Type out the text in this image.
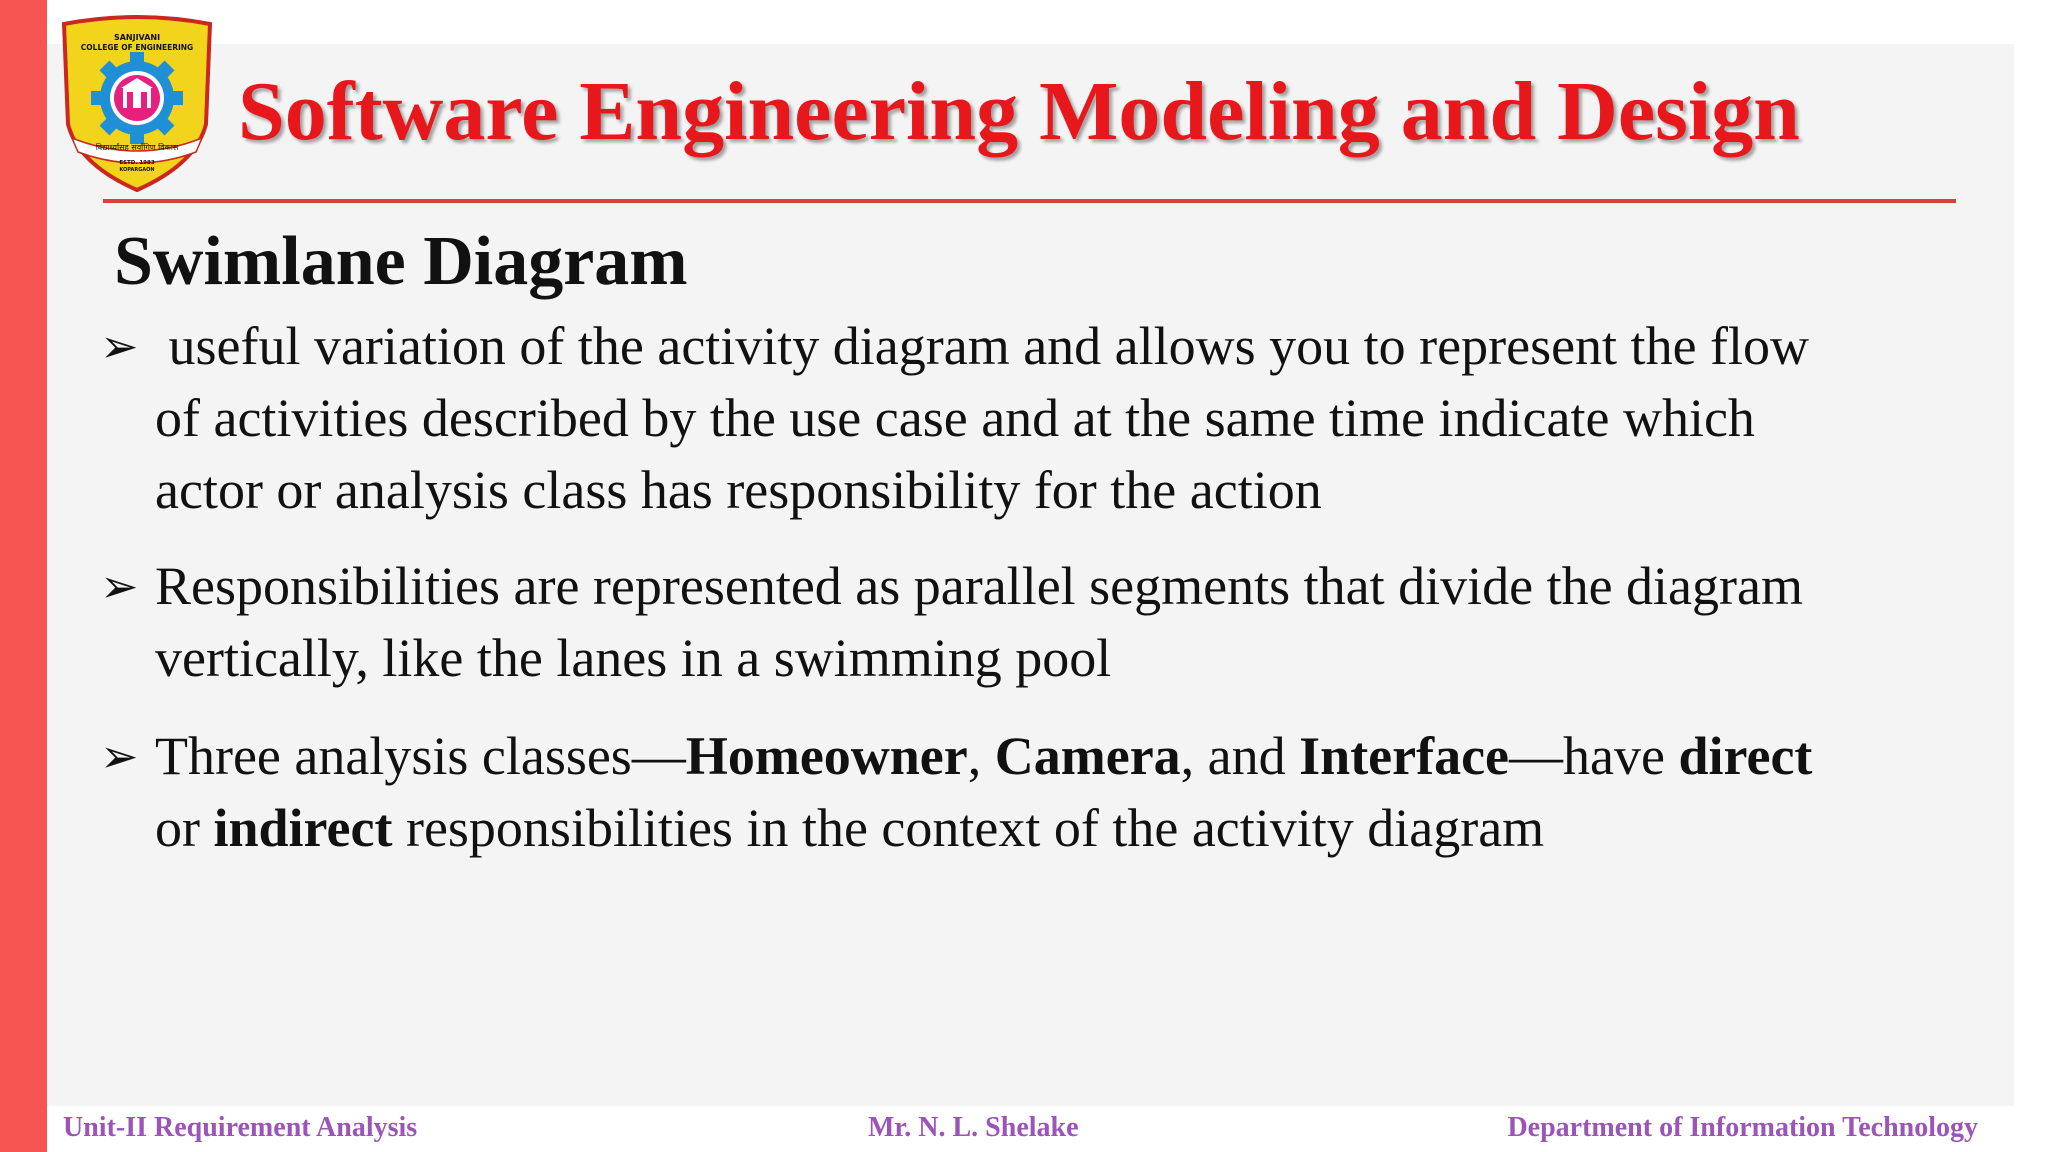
SANJIVANI
COLLEGE OF ENGINEERING
विद्यार्थ्यांसह सर्वांगिण विकास
ESTD. 1983
KOPARGAON
Software Engineering Modeling and Design
Swimlane Diagram
➢ useful variation of the activity diagram and allows you to represent the flow
of activities described by the use case and at the same time indicate which
actor or analysis class has responsibility for the action
➢ Responsibilities are represented as parallel segments that divide the diagram
vertically, like the lanes in a swimming pool
➢ Three analysis classes—Homeowner, Camera, and Interface—have direct
or indirect responsibilities in the context of the activity diagram
Unit-II Requirement Analysis	Mr. N. L. Shelake	Department of Information Technology
